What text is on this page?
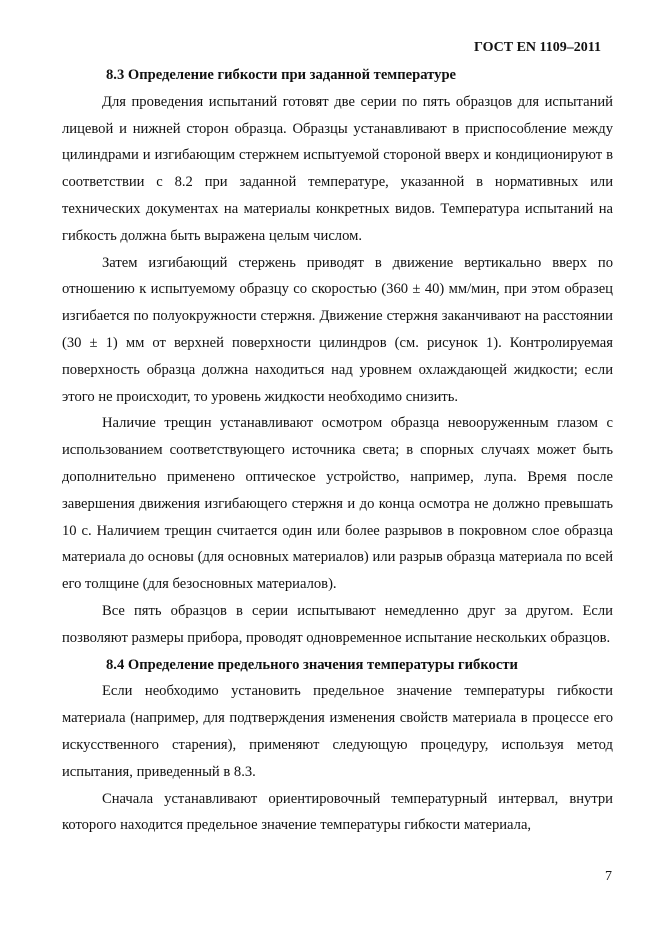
ГОСТ EN 1109–2011
8.3 Определение гибкости при заданной температуре

Для проведения испытаний готовят две серии по пять образцов для испытаний лицевой и нижней сторон образца. Образцы устанавливают в приспособление между цилиндрами и изгибающим стержнем испытуемой стороной вверх и кондиционируют в соответствии с 8.2 при заданной температуре, указанной в нормативных или технических документах на материалы конкретных видов. Температура испытаний на гибкость должна быть выражена целым числом.

Затем изгибающий стержень приводят в движение вертикально вверх по отношению к испытуемому образцу со скоростью (360 ± 40) мм/мин, при этом образец изгибается по полуокружности стержня. Движение стержня заканчивают на расстоянии (30 ± 1) мм от верхней поверхности цилиндров (см. рисунок 1). Контролируемая поверхность образца должна находиться над уровнем охлаждающей жидкости; если этого не происходит, то уровень жидкости необходимо снизить.

Наличие трещин устанавливают осмотром образца невооруженным глазом с использованием соответствующего источника света; в спорных случаях может быть дополнительно применено оптическое устройство, например, лупа. Время после завершения движения изгибающего стержня и до конца осмотра не должно превышать 10 с. Наличием трещин считается один или более разрывов в покровном слое образца материала до основы (для основных материалов) или разрыв образца материала по всей его толщине (для безосновных материалов).

Все пять образцов в серии испытывают немедленно друг за другом. Если позволяют размеры прибора, проводят одновременное испытание нескольких образцов.

8.4 Определение предельного значения температуры гибкости

Если необходимо установить предельное значение температуры гибкости материала (например, для подтверждения изменения свойств материала в процессе его искусственного старения), применяют следующую процедуру, используя метод испытания, приведенный в 8.3.

Сначала устанавливают ориентировочный температурный интервал, внутри которого находится предельное значение температуры гибкости материала,

7
